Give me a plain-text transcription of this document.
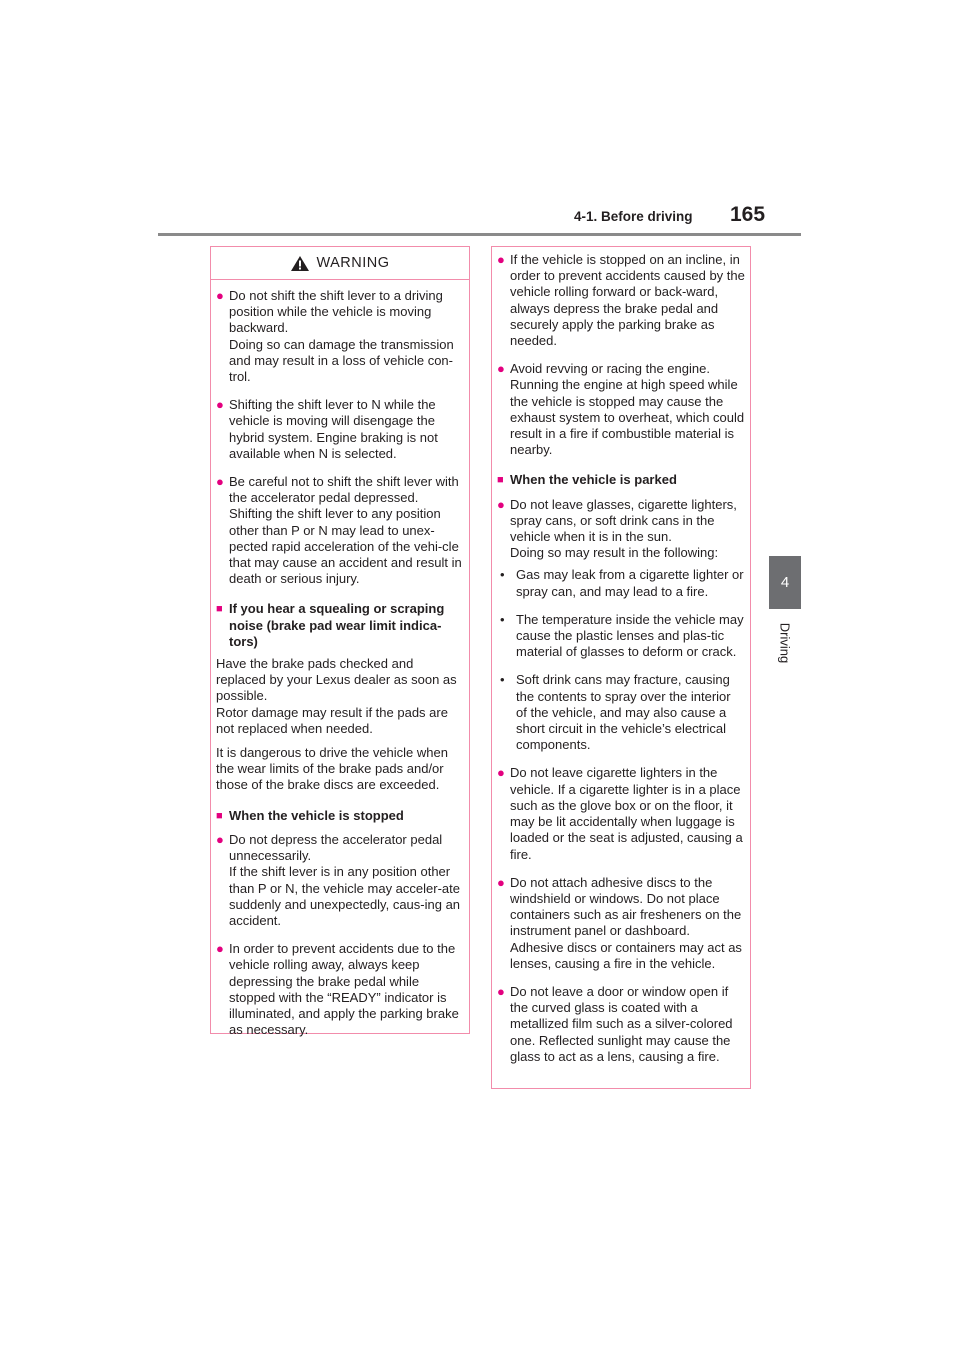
4-1. Before driving 165
4
Driving
WARNING
● Do not shift the shift lever to a driving position while the vehicle is moving backward.
Doing so can damage the transmission and may result in a loss of vehicle con-trol.
● Shifting the shift lever to N while the vehicle is moving will disengage the hybrid system. Engine braking is not available when N is selected.
● Be careful not to shift the shift lever with the accelerator pedal depressed. Shifting the shift lever to any position other than P or N may lead to unex-pected rapid acceleration of the vehi-cle that may cause an accident and result in death or serious injury.
■ If you hear a squealing or scraping noise (brake pad wear limit indica-tors)
Have the brake pads checked and replaced by your Lexus dealer as soon as possible.
Rotor damage may result if the pads are not replaced when needed.
It is dangerous to drive the vehicle when the wear limits of the brake pads and/or those of the brake discs are exceeded.
■ When the vehicle is stopped
● Do not depress the accelerator pedal unnecessarily.
If the shift lever is in any position other than P or N, the vehicle may acceler-ate suddenly and unexpectedly, caus-ing an accident.
● In order to prevent accidents due to the vehicle rolling away, always keep depressing the brake pedal while stopped with the “READY” indicator is illuminated, and apply the parking brake as necessary.
● If the vehicle is stopped on an incline, in order to prevent accidents caused by the vehicle rolling forward or back-ward, always depress the brake pedal and securely apply the parking brake as needed.
● Avoid revving or racing the engine. Running the engine at high speed while the vehicle is stopped may cause the exhaust system to overheat, which could result in a fire if combustible material is nearby.
■ When the vehicle is parked
● Do not leave glasses, cigarette lighters, spray cans, or soft drink cans in the vehicle when it is in the sun.
Doing so may result in the following:
• Gas may leak from a cigarette lighter or spray can, and may lead to a fire.
• The temperature inside the vehicle may cause the plastic lenses and plas-tic material of glasses to deform or crack.
• Soft drink cans may fracture, causing the contents to spray over the interior of the vehicle, and may also cause a short circuit in the vehicle’s electrical components.
● Do not leave cigarette lighters in the vehicle. If a cigarette lighter is in a place such as the glove box or on the floor, it may be lit accidentally when luggage is loaded or the seat is adjusted, causing a fire.
● Do not attach adhesive discs to the windshield or windows. Do not place containers such as air fresheners on the instrument panel or dashboard. Adhesive discs or containers may act as lenses, causing a fire in the vehicle.
● Do not leave a door or window open if the curved glass is coated with a metallized film such as a silver-colored one. Reflected sunlight may cause the glass to act as a lens, causing a fire.
